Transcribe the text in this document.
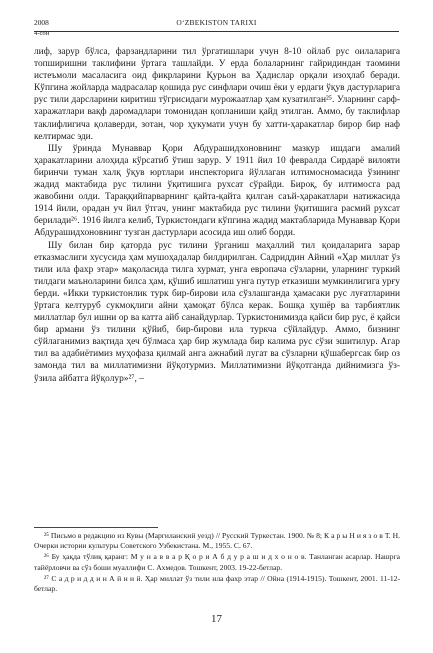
2008	O‘ZBEKISTON TARIXI
4-сон

лиф, зарур бўлса, фарзандларини тил ўргатишлари учун 8-10 ойлаб рус оилаларига топширишни таклифини ўртага ташлайди. У ерда болаларнинг гайридиндан таомини истеъмоли масаласига оид фикрларини Қурьон ва Ҳадислар орқали изоҳлаб беради. Кўпгина жойларда мадрасалар қошида рус синфлари очиш ёки у ердаги ўқув дастурларига рус тили дарсларини киритиш тўгрисидаги мурожаатлар ҳам кузатилган²⁵. Уларнинг сарф-харажатлари вақф даромадлари томонидан қопланиши қайд этилган. Аммо, бу таклифлар таклифлигича қолаверди, зотан, чор ҳукумати учун бу хатти-ҳаракатлар бирор бир наф келтирмас эди.

Шу ўринда Мунаввар Қори Абдурашидхоновнинг мазкур ишдаги амалий ҳаракатларини алоҳида кўрсатиб ўтиш зарур. У 1911 йил 10 февралда Сирдарё вилояти биринчи туман халқ ўқув юртлари инспекторига йўллаган илтимосномасида ўзининг жадид мактабида рус тилини ўқитишига рухсат сўрайди. Бироқ, бу илтимосга рад жавобини олди. Тараққийпарварнинг қайта-қайта қилган саъй-ҳаракатлари натижасида 1914 йили, орадан уч йил ўтгач, унинг мактабида рус тилини ўқитишига расмий рухсат берилади²⁶. 1916 йилга келиб, Туркистондаги кўпгина жадид мактабларида Мунаввар Қори Абдурашидхоновнинг тузган дастурлари асосида иш олиб борди.

Шу билан бир қаторда рус тилини ўрганиш маҳаллий тил қоидаларига зарар етказмаслиги хусусида ҳам мушоҳадалар билдирилган. Садриддин Айний «Ҳар миллат ўз тили ила фахр этар» мақоласида тилга хурмат, унга европача сўзларни, уларнинг туркий тилдаги маъноларини билса ҳам, қўшиб ишлатиш унга путур етказиши мумкинлигига урғу берди. «Икки туркистонлик турк бир-бирови ила сўзлашганда ҳамасаки рус луғатларини ўртага келтуруб сукмоқлиги айни ҳамоқат бўлса керак. Бошқа ҳушёр ва тарбиятлик миллатлар бул ишни ор ва катта айб санайдурлар. Туркистонимизда қайси бир рус, ё қайси бир армани ўз тилини қўйиб, бир-бирови ила туркча сўйлайдур. Аммо, бизнинг сўйлаганимиз вақтида ҳеч бўлмаса ҳар бир жумлада бир калима рус сўзи эшитилур. Агар тил ва адабиётимиз муҳофаза қилмай анга ажнабий лугат ва сўзларни қўшабергсак бир оз замонда тил ва миллатимизни йўқотурмиз. Миллатимизни йўқотганда дийнимизга ўз-ўзила айбатга йўқолур»²⁷, –

²⁵ Письмо в редакцию из Кувы (Маргиланский уезд) // Русский Туркестан. 1900. № 8; К а р ы Н и я з о в Т. Н. Очерки истории культуры Советского Узбекистана. М., 1955. С. 67.

²⁶ Бу ҳақда тўлиқ қаранг: М у н а в в а р Қ о р и А б д у р а ш и д х о н о в. Танланган асарлар. Нашрга тайёрловчи ва сўз боши муаллифи С. Ахмедов. Тошкент, 2003. 19-22-бетлар.

²⁷ С а д р и д д и н А й н и й. Ҳар миллат ўз тили ила фахр этар // Ойна (1914-1915). Тошкент, 2001. 11-12-бетлар.

17
